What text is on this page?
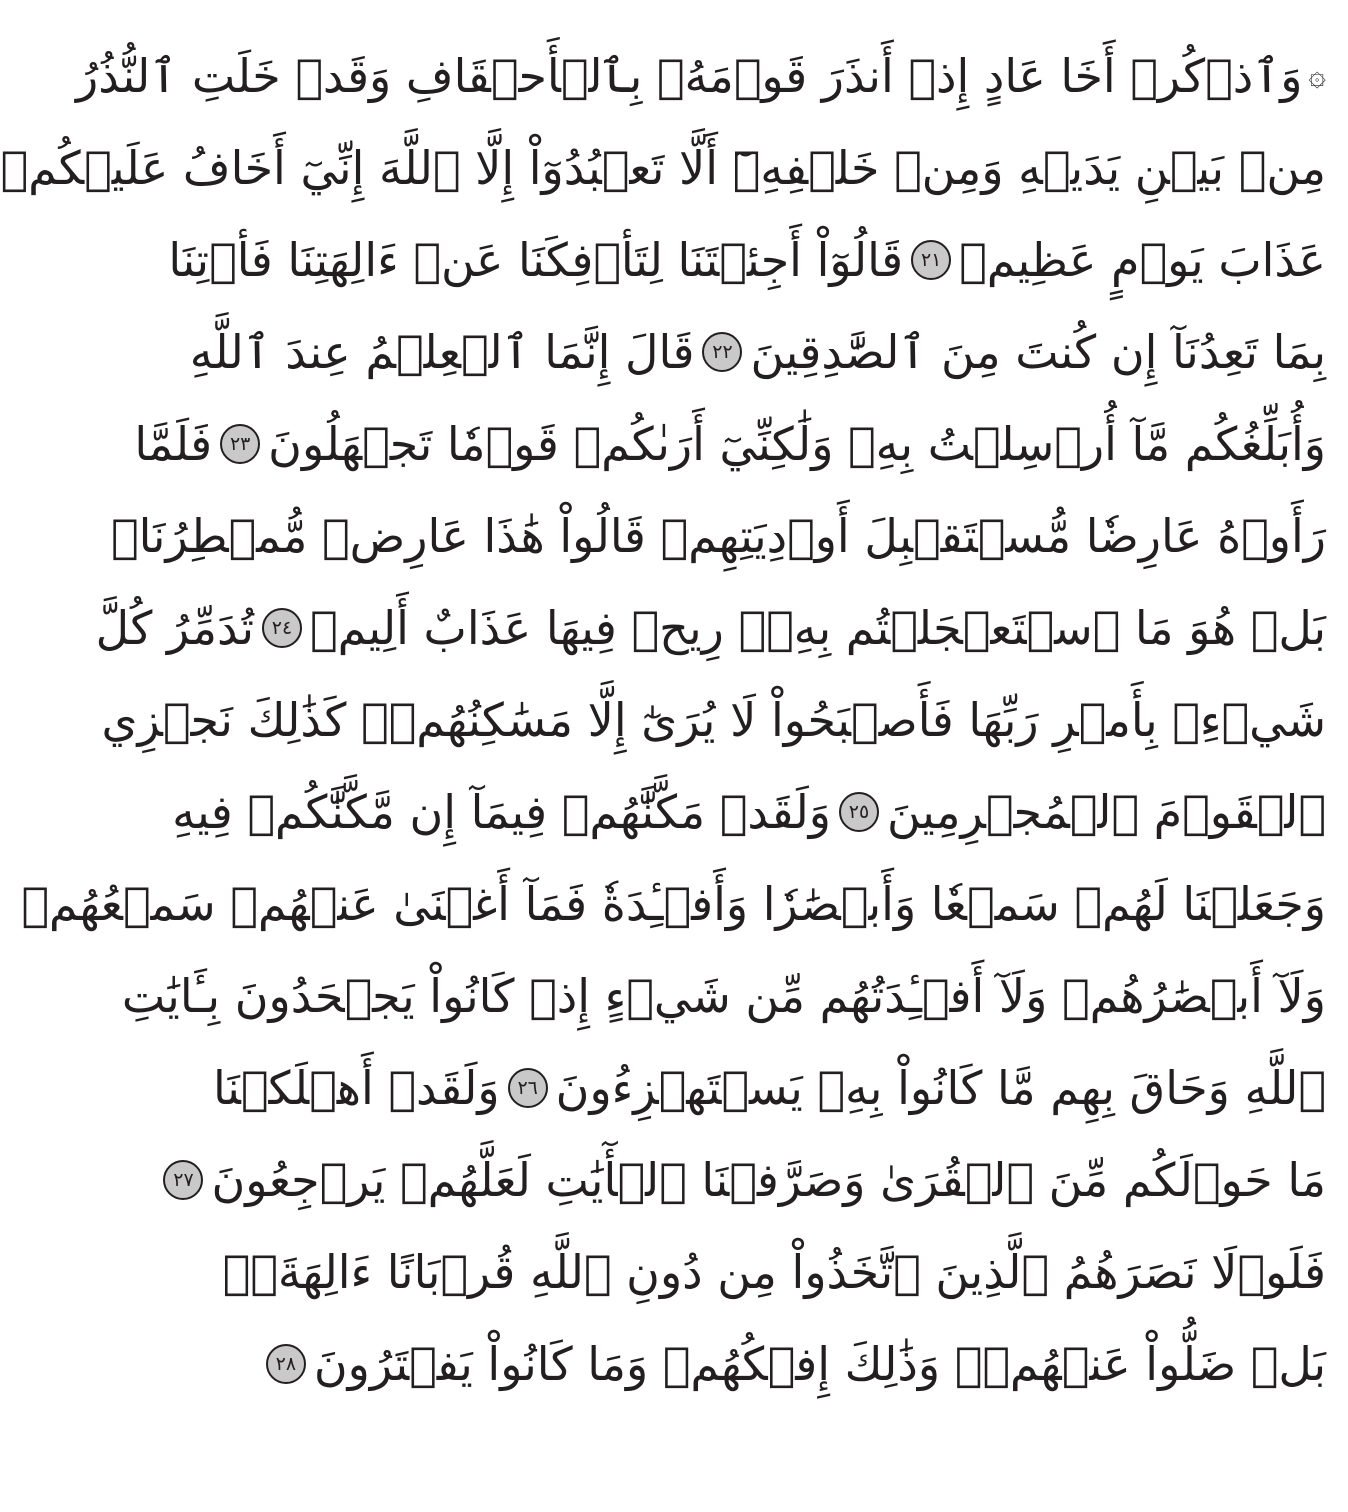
۞
وَٱذۡكُرۡ أَخَا عَادٍ إِذۡ أَنذَرَ قَوۡمَهُۥ بِٱلۡأَحۡقَافِ وَقَدۡ خَلَتِ ٱلنُّذُرُ
مِنۢ بَيۡنِ يَدَيۡهِ وَمِنۡ خَلۡفِهِۦٓ أَلَّا تَعۡبُدُوٓاْ إِلَّا ٱللَّهَ إِنِّيٓ أَخَافُ عَلَيۡكُمۡ
عَذَابَ يَوۡمٍ عَظِيمٖ
٢١
قَالُوٓاْ أَجِئۡتَنَا لِتَأۡفِكَنَا عَنۡ ءَالِهَتِنَا فَأۡتِنَا
بِمَا تَعِدُنَآ إِن كُنتَ مِنَ ٱلصَّٰدِقِينَ
٢٢
قَالَ إِنَّمَا ٱلۡعِلۡمُ عِندَ ٱللَّهِ
وَأُبَلِّغُكُم مَّآ أُرۡسِلۡتُ بِهِۦ وَلَٰكِنِّيٓ أَرَىٰكُمۡ قَوۡمٗا تَجۡهَلُونَ
٢٣
فَلَمَّا
رَأَوۡهُ عَارِضٗا مُّسۡتَقۡبِلَ أَوۡدِيَتِهِمۡ قَالُواْ هَٰذَا عَارِضٞ مُّمۡطِرُنَاۚ
بَلۡ هُوَ مَا ٱسۡتَعۡجَلۡتُم بِهِۦۖ رِيحٞ فِيهَا عَذَابٌ أَلِيمٞ
٢٤
تُدَمِّرُ كُلَّ
شَيۡءِۭ بِأَمۡرِ رَبِّهَا فَأَصۡبَحُواْ لَا يُرَىٰٓ إِلَّا مَسَٰكِنُهُمۡۚ كَذَٰلِكَ نَجۡزِي
ٱلۡقَوۡمَ ٱلۡمُجۡرِمِينَ
٢٥
وَلَقَدۡ مَكَّنَّٰهُمۡ فِيمَآ إِن مَّكَّنَّٰكُمۡ فِيهِ
وَجَعَلۡنَا لَهُمۡ سَمۡعٗا وَأَبۡصَٰرٗا وَأَفۡـِٔدَةٗ فَمَآ أَغۡنَىٰ عَنۡهُمۡ سَمۡعُهُمۡ
وَلَآ أَبۡصَٰرُهُمۡ وَلَآ أَفۡـِٔدَتُهُم مِّن شَيۡءٍ إِذۡ كَانُواْ يَجۡحَدُونَ بِـَٔايَٰتِ
ٱللَّهِ وَحَاقَ بِهِم مَّا كَانُواْ بِهِۦ يَسۡتَهۡزِءُونَ
٢٦
وَلَقَدۡ أَهۡلَكۡنَا
مَا حَوۡلَكُم مِّنَ ٱلۡقُرَىٰ وَصَرَّفۡنَا ٱلۡأٓيَٰتِ لَعَلَّهُمۡ يَرۡجِعُونَ
٢٧
فَلَوۡلَا نَصَرَهُمُ ٱلَّذِينَ ٱتَّخَذُواْ مِن دُونِ ٱللَّهِ قُرۡبَانًا ءَالِهَةَۢۖ
بَلۡ ضَلُّواْ عَنۡهُمۡۚ وَذَٰلِكَ إِفۡكُهُمۡ وَمَا كَانُواْ يَفۡتَرُونَ
٢٨
